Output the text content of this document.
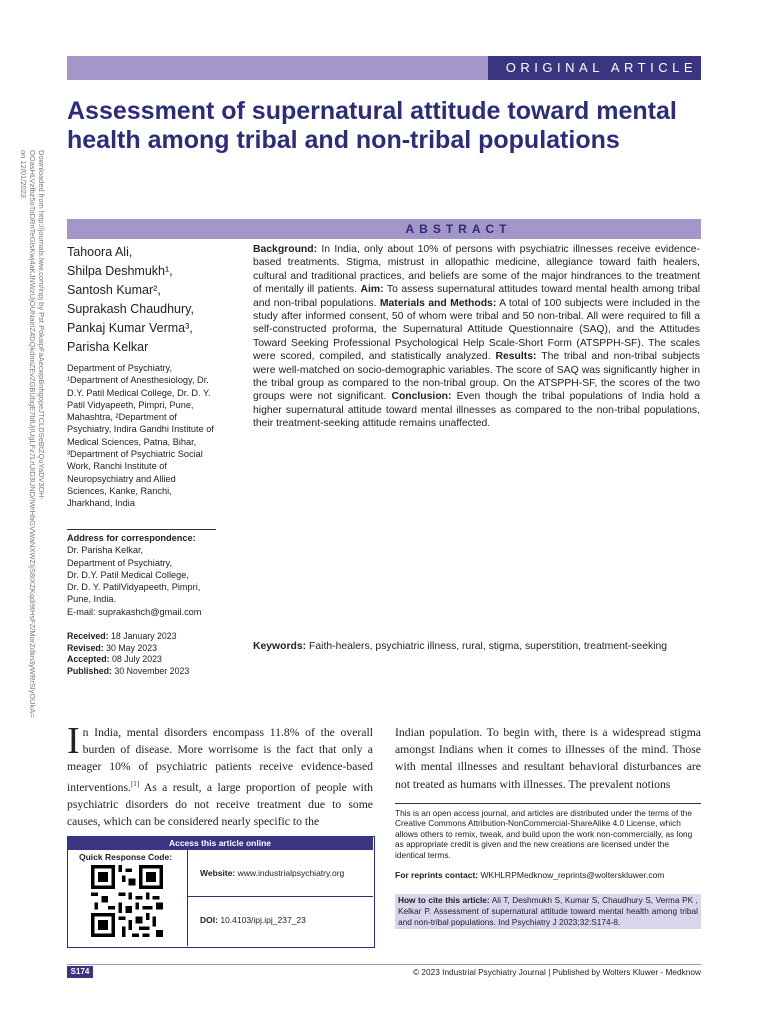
ORIGINAL ARTICLE
Assessment of supernatural attitude toward mental health among tribal and non-tribal populations
Downloaded from http://journals.lww.com/inpj by Pst PokaipFaAecwpBnhgopeJTCLDSeBtZQuYaDV3DH-OOasHLVzfbz5oToDRnTeGtsKwj4aKJNWzUjOUNairiZ4DQkdnnZEvZGBUbgE7bfUjIUgLFz7LrUID3UND/IWrHbGVWaNXWZIjS8IXZKqdi9tHsFZ/MorZdkn3yWRrSlyOUkA= on 12/01/2023
ABSTRACT
Tahoora Ali,
Shilpa Deshmukh¹,
Santosh Kumar²,
Suprakash Chaudhury,
Pankaj Kumar Verma³,
Parisha Kelkar
Department of Psychiatry, ¹Department of Anesthesiology, Dr. D.Y. Patil Medical College, Dr. D. Y. Patil Vidyapeeth, Pimpri, Pune, Mahashtra, ²Department of Psychiatry, Indira Gandhi Institute of Medical Sciences, Patna, Bihar, ³Department of Psychiatric Social Work, Ranchi Institute of Neuropsychiatry and Allied Sciences, Kanke, Ranchi, Jharkhand, India
Address for correspondence:
Dr. Parisha Kelkar,
Department of Psychiatry,
Dr. D.Y. Patil Medical College,
Dr. D. Y. PatilVidyapeeth, Pimpri,
Pune, India.
E-mail: suprakashch@gmail.com
Received: 18 January 2023
Revised: 30 May 2023
Accepted: 08 July 2023
Published: 30 November 2023

Background: In India, only about 10% of persons with psychiatric illnesses receive evidence-based treatments. Stigma, mistrust in allopathic medicine, allegiance toward faith healers, cultural and traditional practices, and beliefs are some of the major hindrances to the treatment of mentally ill patients. Aim: To assess supernatural attitudes toward mental health among tribal and non-tribal populations. Materials and Methods: A total of 100 subjects were included in the study after informed consent, 50 of whom were tribal and 50 non-tribal. All were required to fill a self-constructed proforma, the Supernatural Attitude Questionnaire (SAQ), and the Attitudes Toward Seeking Professional Psychological Help Scale-Short Form (ATSPPH-SF). The scales were scored, compiled, and statistically analyzed. Results: The tribal and non-tribal subjects were well-matched on socio-demographic variables. The score of SAQ was significantly higher in the tribal group as compared to the non-tribal group. On the ATSPPH-SF, the scores of the two groups were not significant. Conclusion: Even though the tribal populations of India hold a higher supernatural attitude toward mental illnesses as compared to the non-tribal populations, their treatment-seeking attitude remains unaffected.

Keywords: Faith-healers, psychiatric illness, rural, stigma, superstition, treatment-seeking

In India, mental disorders encompass 11.8% of the overall burden of disease. More worrisome is the fact that only a meager 10% of psychiatric patients receive evidence-based interventions.[1] As a result, a large proportion of people with psychiatric disorders do not receive treatment due to some causes, which can be considered nearly specific to the

Indian population. To begin with, there is a widespread stigma amongst Indians when it comes to illnesses of the mind. Those with mental illnesses and resultant behavioral disturbances are not treated as humans with illnesses. The prevalent notions

Access this article online
Quick Response Code:
Website: www.industrialpsychiatry.org
DOI: 10.4103/ipj.ipj_237_23

This is an open access journal, and articles are distributed under the terms of the Creative Commons Attribution-NonCommercial-ShareAlike 4.0 License, which allows others to remix, tweak, and build upon the work non-commercially, as long as appropriate credit is given and the new creations are licensed under the identical terms.

For reprints contact: WKHLRPMedknow_reprints@wolterskluwer.com
How to cite this article: Ali T, Deshmukh S, Kumar S, Chaudhury S, Verma PK , Kelkar P. Assessment of supernatural attitude toward mental health among tribal and non-tribal populations. Ind Psychiatry J 2023;32:S174-8.
S174	© 2023 Industrial Psychiatry Journal | Published by Wolters Kluwer - Medknow
